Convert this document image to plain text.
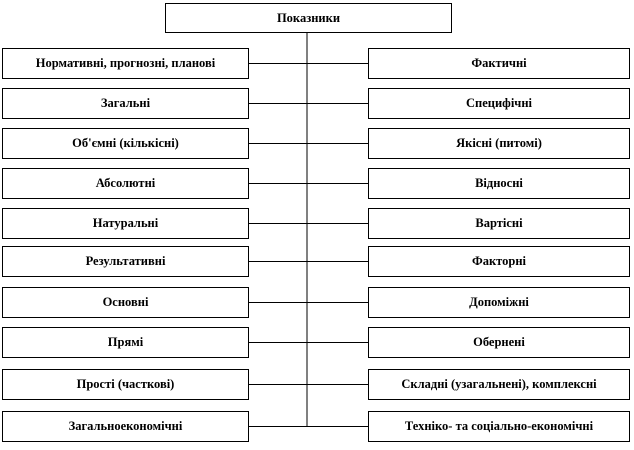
Показники
Нормативні, прогнозні, планові
Загальні
Об'ємні (кількісні)
Абсолютні
Натуральні
Результативні
Основні
Прямі
Прості (часткові)
Загальноекономічні
Фактичні
Специфічні
Якісні (питомі)
Відносні
Вартісні
Факторні
Допоміжні
Обернені
Складні (узагальнені), комплексні
Техніко- та соціально-економічні
